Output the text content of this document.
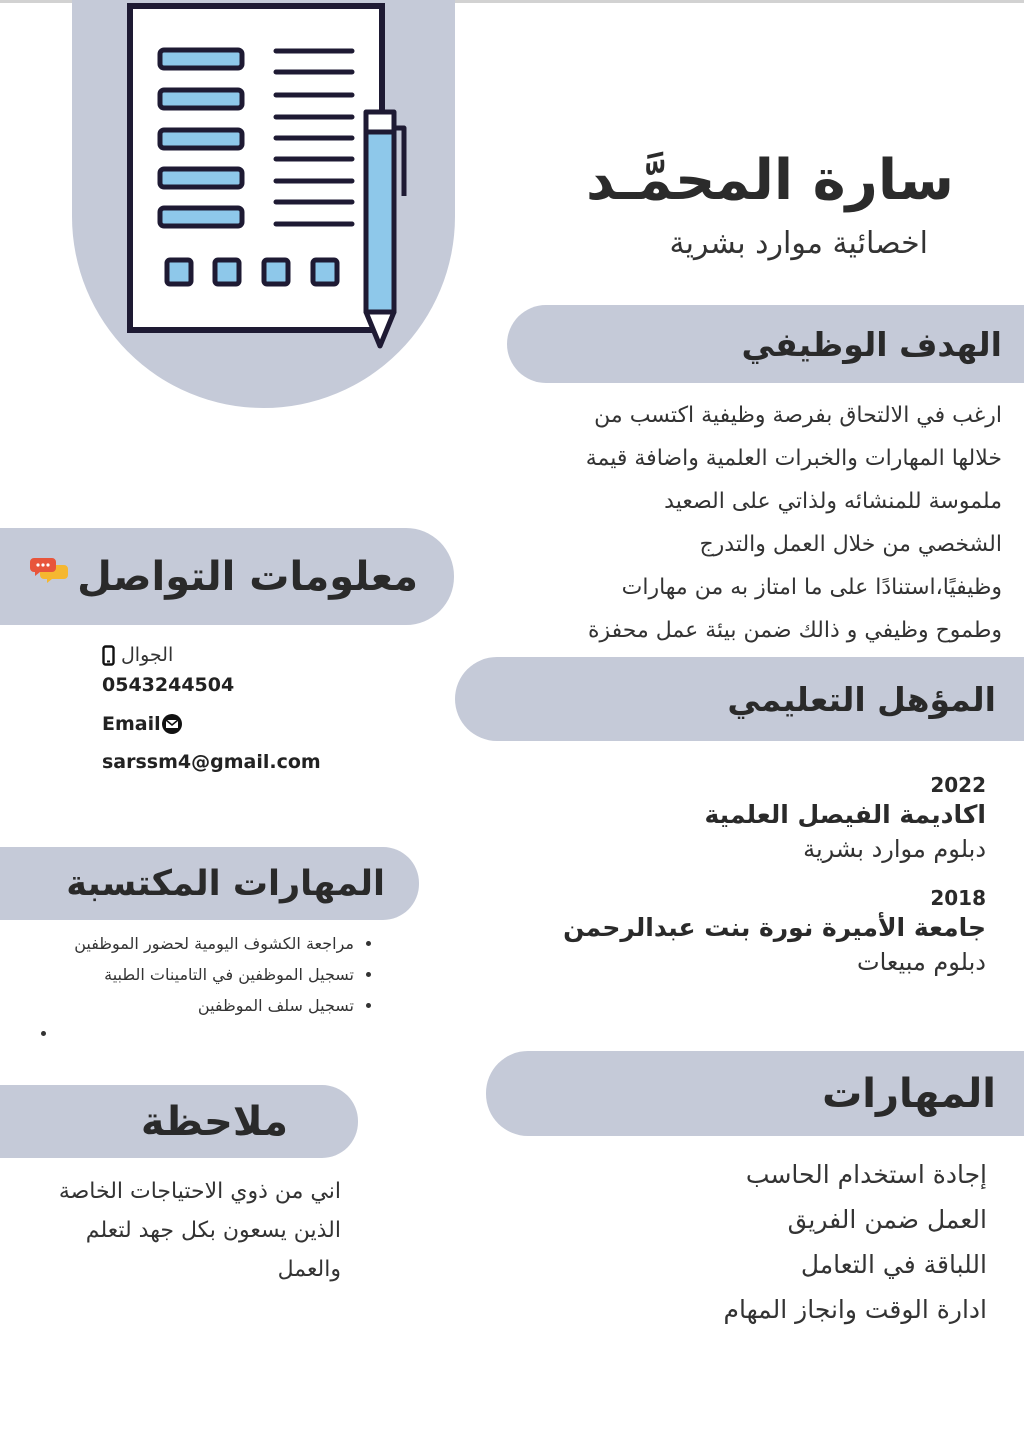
سارة المحمَّـد
اخصائية موارد بشرية
الهدف الوظيفي
ارغب في الالتحاق بفرصة وظيفية اكتسب من
خلالها المهارات والخبرات العلمية واضافة قيمة
ملموسة للمنشائه ولذاتي على الصعيد
الشخصي من خلال العمل والتدرج
وظيفيًا،استنادًا على ما امتاز به من مهارات
وطموح وظيفي و ذالك ضمن بيئة عمل محفزة
المؤهل التعليمي
2022
اكاديمة الفيصل العلمية
دبلوم موارد بشرية
2018
جامعة الأميرة نورة بنت عبدالرحمن
دبلوم مبيعات
المهارات
إجادة استخدام الحاسب
العمل ضمن الفريق
اللباقة في التعامل
ادارة الوقت وانجاز المهام
معلومات التواصل
الجوال
0543244504
Email
sarssm4@gmail.com
المهارات المكتسبة
• مراجعة الكشوف اليومية لحضور الموظفين
• تسجيل الموظفين في التامينات الطبية
• تسجيل سلف الموظفين
ملاحظة
اني من ذوي الاحتياجات الخاصة
الذين يسعون بكل جهد لتعلم
والعمل
